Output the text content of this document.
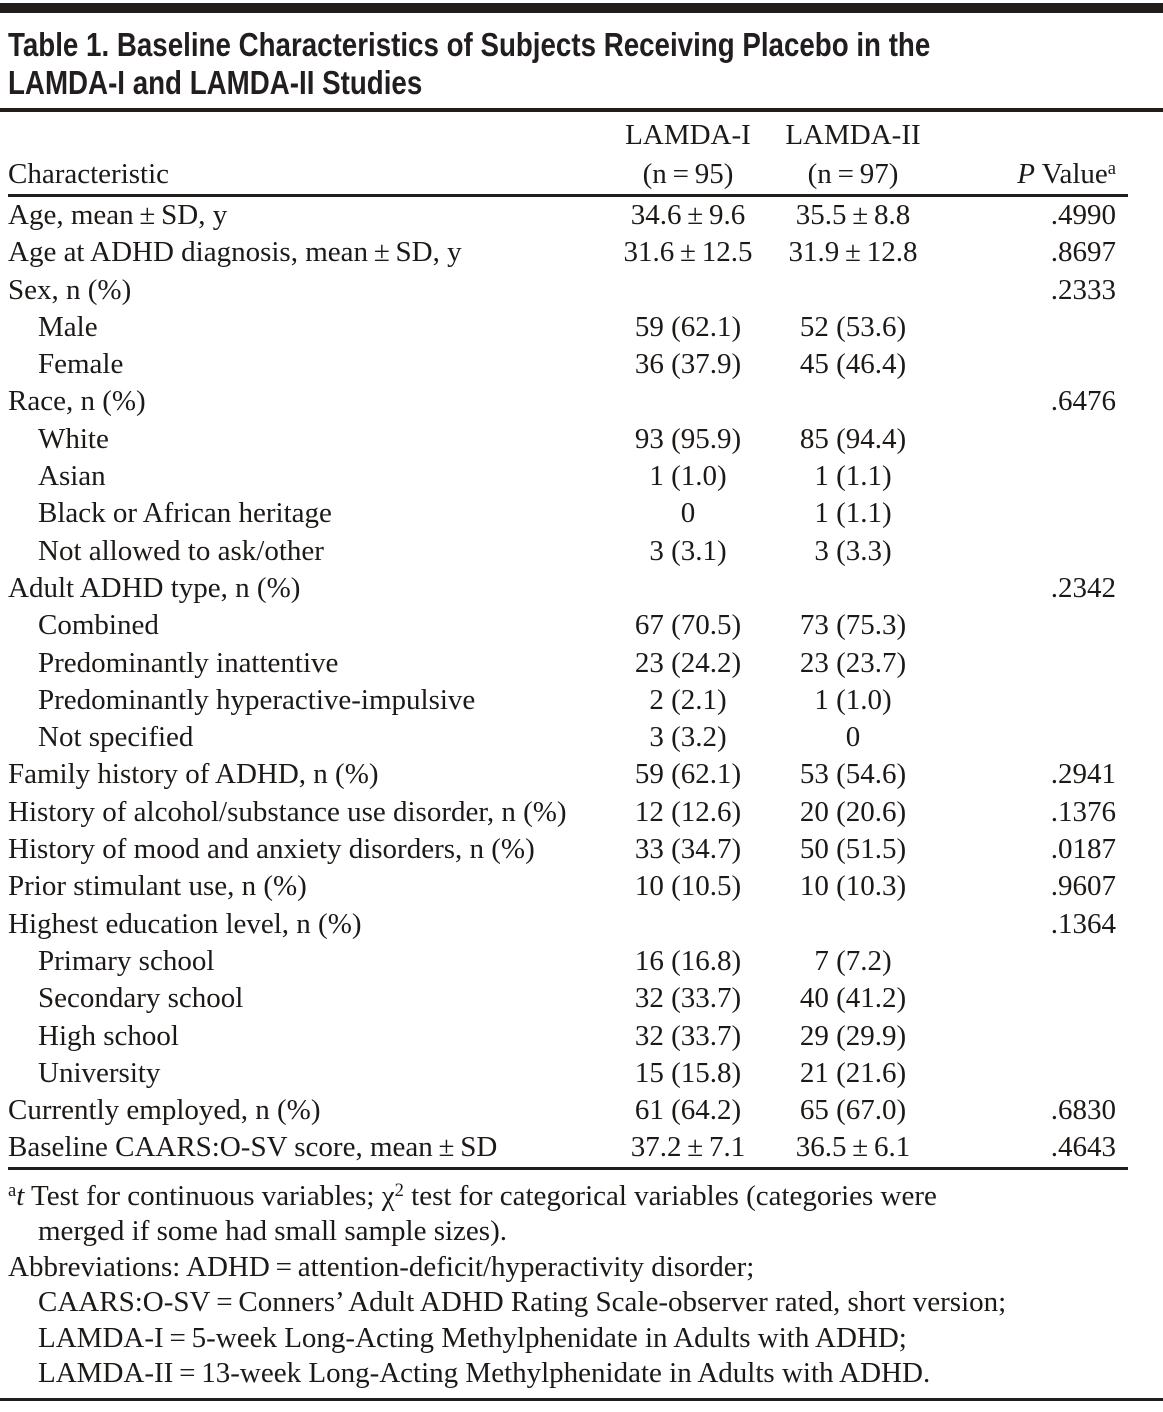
Table 1. Baseline Characteristics of Subjects Receiving Placebo in the
LAMDA-I and LAMDA-II Studies
	LAMDA-I	LAMDA-II	
Characteristic	(n = 95)	(n = 97)	P Value$^a$
Age, mean ± SD, y	34.6 ± 9.6	35.5 ± 8.8	.4990
Age at ADHD diagnosis, mean ± SD, y	31.6 ± 12.5	31.9 ± 12.8	.8697
Sex, n (%)			.2333
Male	59 (62.1)	52 (53.6)	
Female	36 (37.9)	45 (46.4)	
Race, n (%)			.6476
White	93 (95.9)	85 (94.4)	
Asian	1 (1.0)	1 (1.1)	
Black or African heritage	0	1 (1.1)	
Not allowed to ask/other	3 (3.1)	3 (3.3)	
Adult ADHD type, n (%)			.2342
Combined	67 (70.5)	73 (75.3)	
Predominantly inattentive	23 (24.2)	23 (23.7)	
Predominantly hyperactive-impulsive	2 (2.1)	1 (1.0)	
Not specified	3 (3.2)	0	
Family history of ADHD, n (%)	59 (62.1)	53 (54.6)	.2941
History of alcohol/substance use disorder, n (%)	12 (12.6)	20 (20.6)	.1376
History of mood and anxiety disorders, n (%)	33 (34.7)	50 (51.5)	.0187
Prior stimulant use, n (%)	10 (10.5)	10 (10.3)	.9607
Highest education level, n (%)			.1364
Primary school	16 (16.8)	7 (7.2)	
Secondary school	32 (33.7)	40 (41.2)	
High school	32 (33.7)	29 (29.9)	
University	15 (15.8)	21 (21.6)	
Currently employed, n (%)	61 (64.2)	65 (67.0)	.6830
Baseline CAARS:O-SV score, mean ± SD	37.2 ± 7.1	36.5 ± 6.1	.4643
$^a$t Test for continuous variables; $\chi^2$ test for categorical variables (categories were
merged if some had small sample sizes).
Abbreviations: ADHD = attention-deficit/hyperactivity disorder;
CAARS:O-SV = Conners’ Adult ADHD Rating Scale-observer rated, short version;
LAMDA-I = 5-week Long-Acting Methylphenidate in Adults with ADHD;
LAMDA-II = 13-week Long-Acting Methylphenidate in Adults with ADHD.
